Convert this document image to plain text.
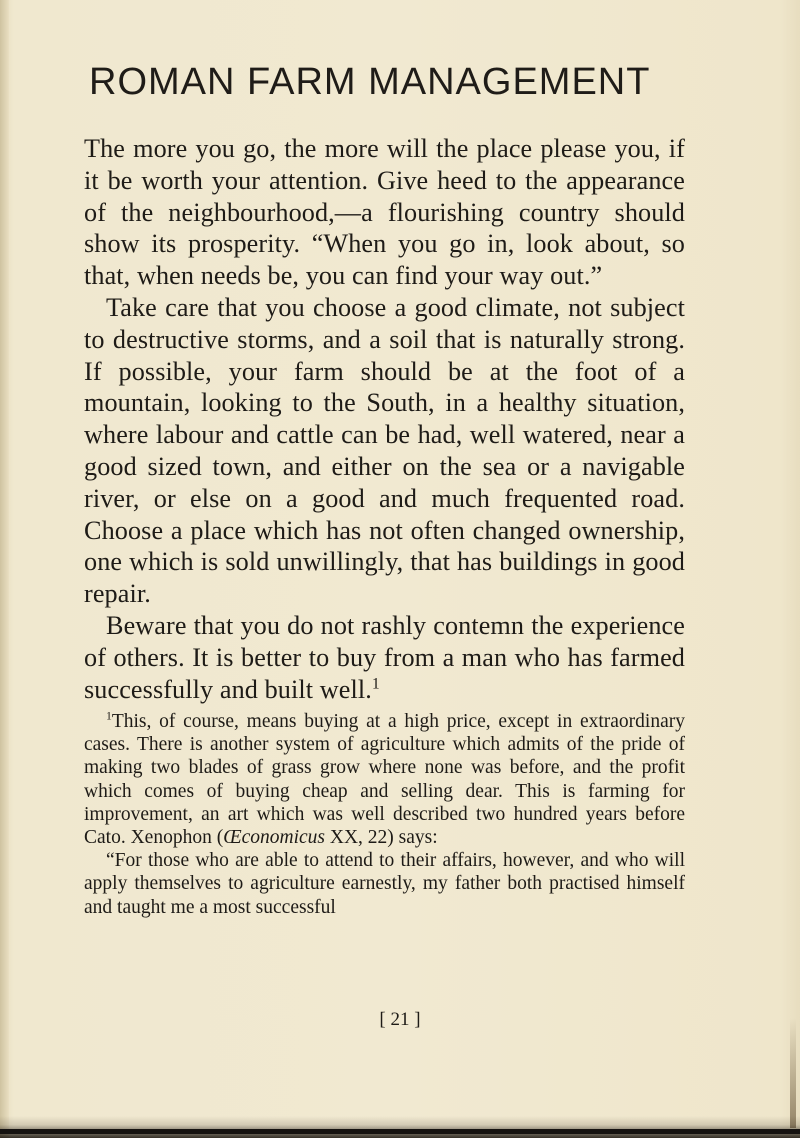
ROMAN FARM MANAGEMENT

The more you go, the more will the place please you, if it be worth your attention. Give heed to the appearance of the neighbourhood,—a flourishing country should show its prosperity. “When you go in, look about, so that, when needs be, you can find your way out.”

Take care that you choose a good climate, not subject to destructive storms, and a soil that is naturally strong. If possible, your farm should be at the foot of a mountain, looking to the South, in a healthy situation, where labour and cattle can be had, well watered, near a good sized town, and either on the sea or a navigable river, or else on a good and much frequented road. Choose a place which has not often changed ownership, one which is sold unwillingly, that has buildings in good repair.

Beware that you do not rashly contemn the experience of others. It is better to buy from a man who has farmed successfully and built well.$^1$

$^1$This, of course, means buying at a high price, except in extraordinary cases. There is another system of agriculture which admits of the pride of making two blades of grass grow where none was before, and the profit which comes of buying cheap and selling dear. This is farming for improvement, an art which was well described two hundred years before Cato. Xenophon (Œconomicus XX, 22) says:

“For those who are able to attend to their affairs, however, and who will apply themselves to agriculture earnestly, my father both practised himself and taught me a most successful

[ 21 ]
